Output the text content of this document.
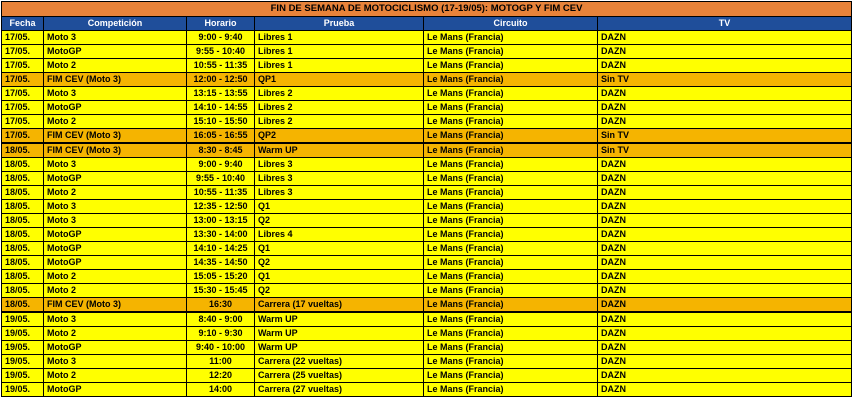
FIN DE SEMANA DE MOTOCICLISMO (17-19/05): MOTOGP Y FIM CEV					
Fecha	Competición	Horario	Prueba	Circuito	TV
17/05.	Moto 3	9:00 - 9:40	Libres 1	Le Mans (Francia)	DAZN
17/05.	MotoGP	9:55 - 10:40	Libres 1	Le Mans (Francia)	DAZN
17/05.	Moto 2	10:55 - 11:35	Libres 1	Le Mans (Francia)	DAZN
17/05.	FIM CEV (Moto 3)	12:00 - 12:50	QP1	Le Mans (Francia)	Sin TV
17/05.	Moto 3	13:15 - 13:55	Libres 2	Le Mans (Francia)	DAZN
17/05.	MotoGP	14:10 - 14:55	Libres 2	Le Mans (Francia)	DAZN
17/05.	Moto 2	15:10 - 15:50	Libres 2	Le Mans (Francia)	DAZN
17/05.	FIM CEV (Moto 3)	16:05 - 16:55	QP2	Le Mans (Francia)	Sin TV
18/05.	FIM CEV (Moto 3)	8:30 - 8:45	Warm UP	Le Mans (Francia)	Sin TV
18/05.	Moto 3	9:00 - 9:40	Libres 3	Le Mans (Francia)	DAZN
18/05.	MotoGP	9:55 - 10:40	Libres 3	Le Mans (Francia)	DAZN
18/05.	Moto 2	10:55 - 11:35	Libres 3	Le Mans (Francia)	DAZN
18/05.	Moto 3	12:35 - 12:50	Q1	Le Mans (Francia)	DAZN
18/05.	Moto 3	13:00 - 13:15	Q2	Le Mans (Francia)	DAZN
18/05.	MotoGP	13:30 - 14:00	Libres 4	Le Mans (Francia)	DAZN
18/05.	MotoGP	14:10 - 14:25	Q1	Le Mans (Francia)	DAZN
18/05.	MotoGP	14:35 - 14:50	Q2	Le Mans (Francia)	DAZN
18/05.	Moto 2	15:05 - 15:20	Q1	Le Mans (Francia)	DAZN
18/05.	Moto 2	15:30 - 15:45	Q2	Le Mans (Francia)	DAZN
18/05.	FIM CEV (Moto 3)	16:30	Carrera (17 vueltas)	Le Mans (Francia)	DAZN
19/05.	Moto 3	8:40 - 9:00	Warm UP	Le Mans (Francia)	DAZN
19/05.	Moto 2	9:10 - 9:30	Warm UP	Le Mans (Francia)	DAZN
19/05.	MotoGP	9:40 - 10:00	Warm UP	Le Mans (Francia)	DAZN
19/05.	Moto 3	11:00	Carrera (22 vueltas)	Le Mans (Francia)	DAZN
19/05.	Moto 2	12:20	Carrera (25 vueltas)	Le Mans (Francia)	DAZN
19/05.	MotoGP	14:00	Carrera (27 vueltas)	Le Mans (Francia)	DAZN
